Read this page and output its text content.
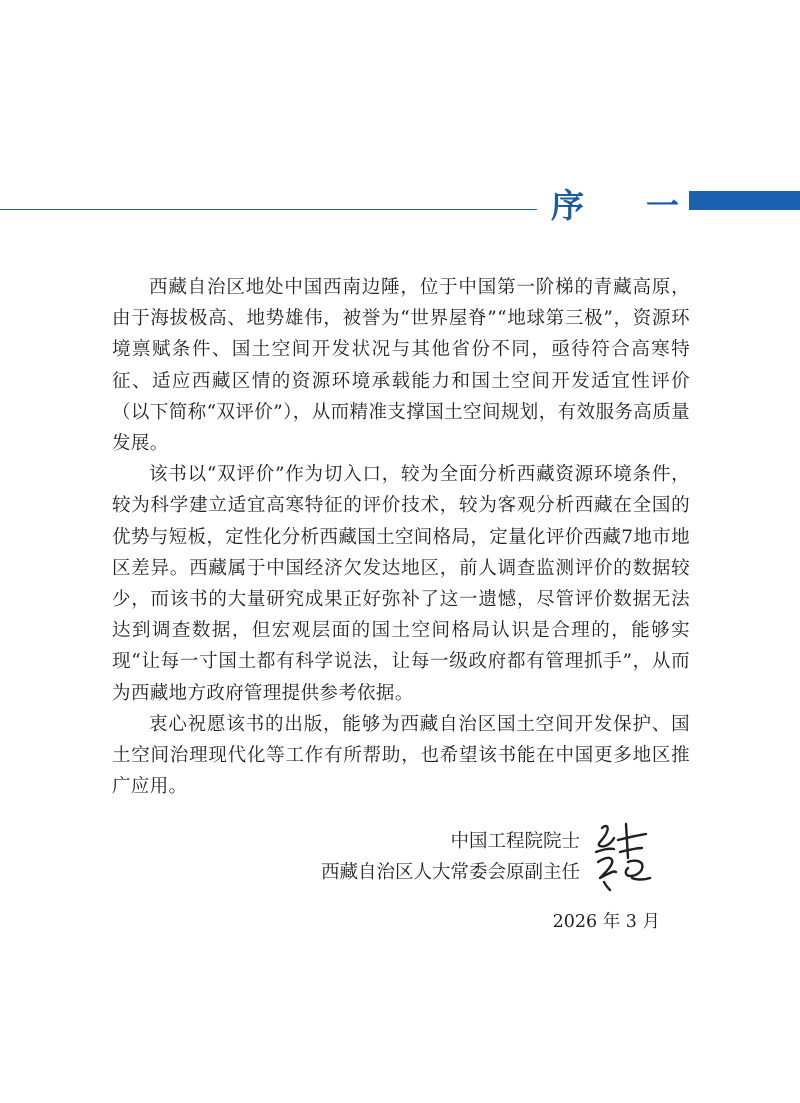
序 一

西藏自治区地处中国西南边陲，位于中国第一阶梯的青藏高原，由于海拔极高、地势雄伟，被誉为“世界屋脊”“地球第三极”，资源环境禀赋条件、国土空间开发状况与其他省份不同，亟待符合高寒特征、适应西藏区情的资源环境承载能力和国土空间开发适宜性评价（以下简称“双评价”），从而精准支撑国土空间规划，有效服务高质量发展。

该书以“双评价”作为切入口，较为全面分析西藏资源环境条件，较为科学建立适宜高寒特征的评价技术，较为客观分析西藏在全国的优势与短板，定性化分析西藏国土空间格局，定量化评价西藏7地市地区差异。西藏属于中国经济欠发达地区，前人调查监测评价的数据较少，而该书的大量研究成果正好弥补了这一遗憾，尽管评价数据无法达到调查数据，但宏观层面的国土空间格局认识是合理的，能够实现“让每一寸国土都有科学说法，让每一级政府都有管理抓手”，从而为西藏地方政府管理提供参考依据。

衷心祝愿该书的出版，能够为西藏自治区国土空间开发保护、国土空间治理现代化等工作有所帮助，也希望该书能在中国更多地区推广应用。

中国工程院院士
西藏自治区人大常委会原副主任
2026 年 3 月
